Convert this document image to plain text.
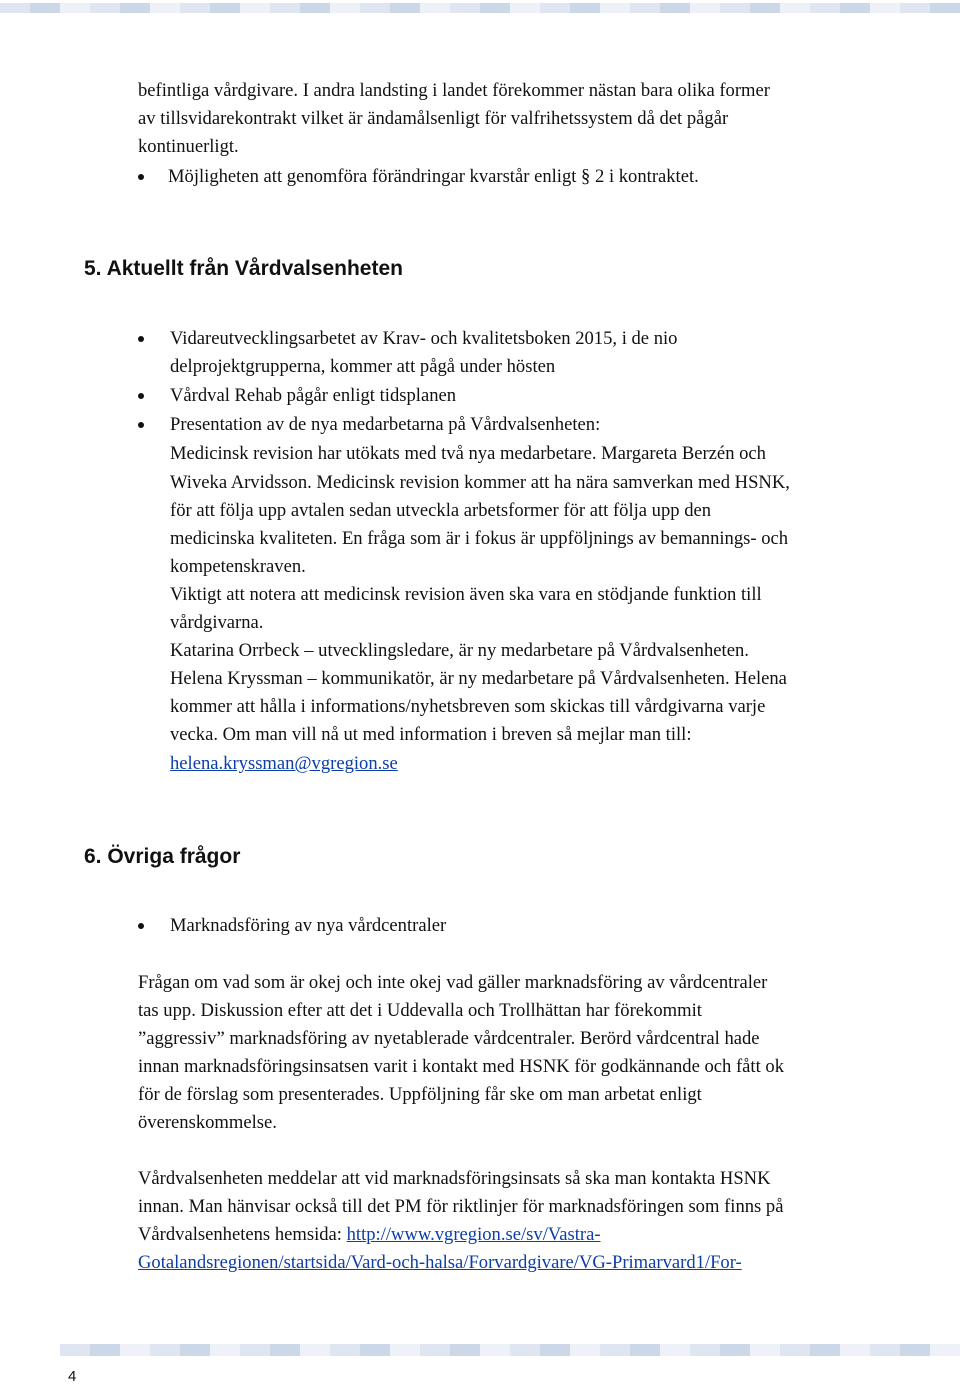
befintliga vårdgivare. I andra landsting i landet förekommer nästan bara olika former

av tillsvidarekontrakt vilket är ändamålsenligt för valfrihetssystem då det pågår

kontinuerligt.

Möjligheten att genomföra förändringar kvarstår enligt § 2 i kontraktet.

5. Aktuellt från Vårdvalsenheten

Vidareutvecklingsarbetet av Krav- och kvalitetsboken 2015, i de nio

delprojektgrupperna, kommer att pågå under hösten

Vårdval Rehab pågår enligt tidsplanen

Presentation av de nya medarbetarna på Vårdvalsenheten:

Medicinsk revision har utökats med två nya medarbetare. Margareta Berzén och

Wiveka Arvidsson. Medicinsk revision kommer att ha nära samverkan med HSNK,

för att följa upp avtalen sedan utveckla arbetsformer för att följa upp den

medicinska kvaliteten. En fråga som är i fokus är uppföljnings av bemannings- och

kompetenskraven.

Viktigt att notera att medicinsk revision även ska vara en stödjande funktion till

vårdgivarna.

Katarina Orrbeck – utvecklingsledare, är ny medarbetare på Vårdvalsenheten.

Helena Kryssman – kommunikatör, är ny medarbetare på Vårdvalsenheten. Helena

kommer att hålla i informations/nyhetsbreven som skickas till vårdgivarna varje

vecka. Om man vill nå ut med information i breven så mejlar man till:

helena.kryssman@vgregion.se

6. Övriga frågor

Marknadsföring av nya vårdcentraler

Frågan om vad som är okej och inte okej vad gäller marknadsföring av vårdcentraler

tas upp. Diskussion efter att det i Uddevalla och Trollhättan har förekommit

”aggressiv” marknadsföring av nyetablerade vårdcentraler. Berörd vårdcentral hade

innan marknadsföringsinsatsen varit i kontakt med HSNK för godkännande och fått ok

för de förslag som presenterades. Uppföljning får ske om man arbetat enligt

överenskommelse.

Vårdvalsenheten meddelar att vid marknadsföringsinsats så ska man kontakta HSNK

innan. Man hänvisar också till det PM för riktlinjer för marknadsföringen som finns på

Vårdvalsenhetens hemsida: http://www.vgregion.se/sv/Vastra-

Gotalandsregionen/startsida/Vard-och-halsa/Forvardgivare/VG-Primarvard1/For-

4
